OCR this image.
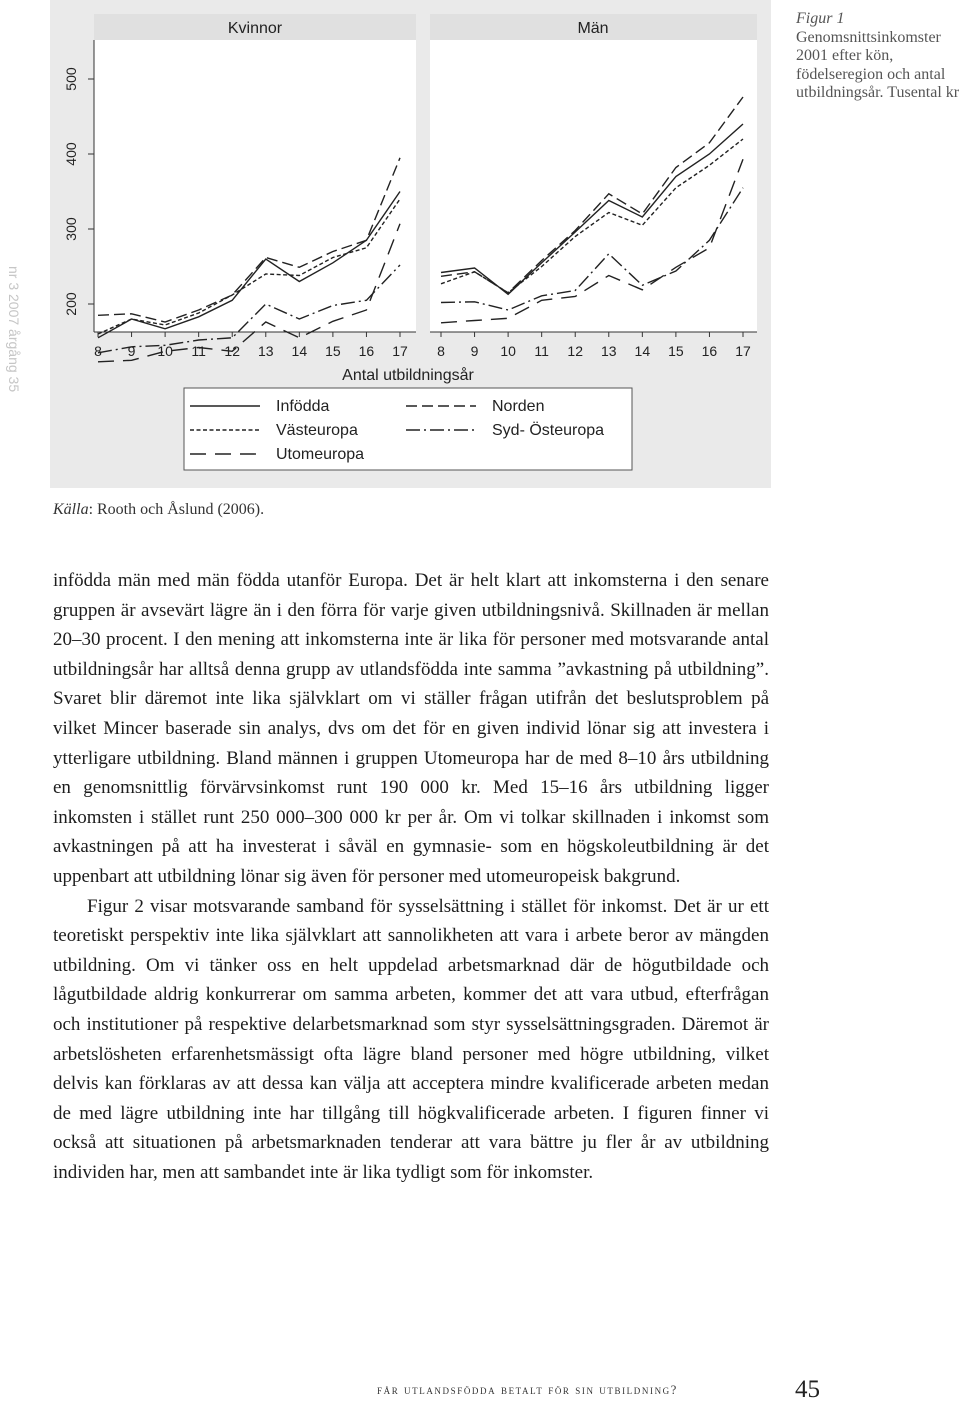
nr 3 2007 årgång 35
Kvinnor	Män
200
300
400
500
8	8
9	9
10	10
11	11
12	12
13	13
14	14
15	15
16	16
17	17
Antal utbildningsår
Infödda	Norden
Västeuropa	Syd- Östeuropa
Utomeuropa
Figur 1
Genomsnittsinkomster 2001 efter kön, födelseregion och antal utbildningsår. Tusental kr
Källa: Rooth och Åslund (2006).

infödda män med män födda utanför Europa. Det är helt klart att inkomsterna i den senare gruppen är avsevärt lägre än i den förra för varje given utbildningsnivå. Skillnaden är mellan 20–30 procent. I den mening att inkomsterna inte är lika för personer med motsvarande antal utbildningsår har alltså denna grupp av utlandsfödda inte samma ”avkastning på utbildning”. Svaret blir däremot inte lika självklart om vi ställer frågan utifrån det beslutsproblem på vilket Mincer baserade sin analys, dvs om det för en given individ lönar sig att investera i ytterligare utbildning. Bland männen i gruppen Utomeuropa har de med 8–10 års utbildning en genomsnittlig förvärvsinkomst runt 190 000 kr. Med 15–16 års utbildning ligger inkomsten i stället runt 250 000–300 000 kr per år. Om vi tolkar skillnaden i inkomst som avkastningen på att ha investerat i såväl en gymnasie- som en högskoleutbildning är det uppenbart att utbildning lönar sig även för personer med utomeuropeisk bakgrund.

Figur 2 visar motsvarande samband för sysselsättning i stället för inkomst. Det är ur ett teoretiskt perspektiv inte lika självklart att sannolikheten att vara i arbete beror av mängden utbildning. Om vi tänker oss en helt uppdelad arbetsmarknad där de högutbildade och lågutbildade aldrig konkurrerar om samma arbeten, kommer det att vara utbud, efterfrågan och institutioner på respektive delarbetsmarknad som styr sysselsättningsgraden. Däremot är arbetslösheten erfarenhetsmässigt ofta lägre bland personer med högre utbildning, vilket delvis kan förklaras av att dessa kan välja att acceptera mindre kvalificerade arbeten medan de med lägre utbildning inte har tillgång till högkvalificerade arbeten. I figuren finner vi också att situationen på arbetsmarknaden tenderar att vara bättre ju fler år av utbildning individen har, men att sambandet inte är lika tydligt som för inkomster.

får utlandsfödda betalt för sin utbildning?	45
